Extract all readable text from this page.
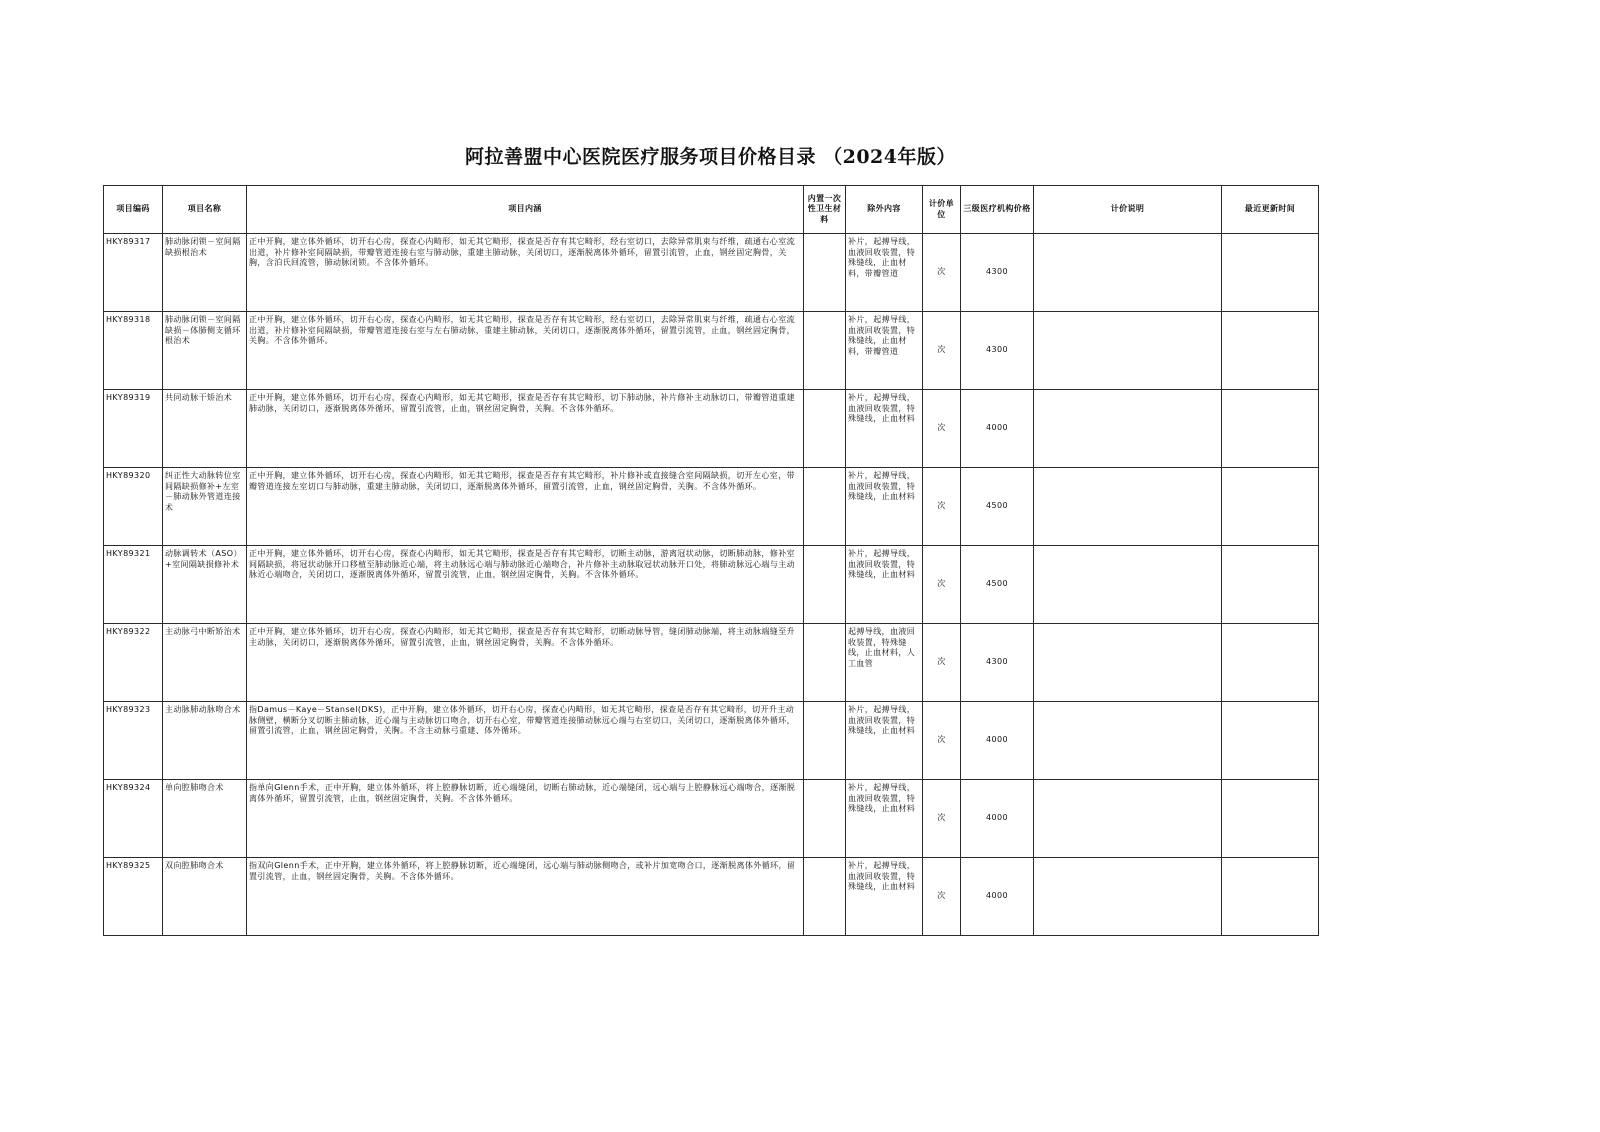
阿拉善盟中心医院医疗服务项目价格目录 （2024年版）
项目编码	项目名称	项目内涵	内置一次性卫生材料	除外内容	计价单位	三级医疗机构价格	计价说明	最近更新时间
HKY89317	肺动脉闭锁－室间隔缺损根治术	正中开胸，建立体外循环，切开右心房，探查心内畸形，如无其它畸形，探查是否存有其它畸形，经右室切口，去除异常肌束与纤维，疏通右心室流出道，补片修补室间隔缺损，带瓣管道连接右室与肺动脉，重建主肺动脉，关闭切口，逐渐脱离体外循环，留置引流管，止血，钢丝固定胸骨，关胸，含泊氏回流管，肺动脉闭锁。不含体外循环。		补片，起搏导线，血液回收装置，特殊缝线，止血材料，带瓣管道	次	4300		
HKY89318	肺动脉闭锁－室间隔缺损－体肺侧支循环根治术	正中开胸，建立体外循环，切开右心房，探查心内畸形，如无其它畸形，探查是否存有其它畸形，经右室切口，去除异常肌束与纤维，疏通右心室流出道，补片修补室间隔缺损，带瓣管道连接右室与左右肺动脉，重建主肺动脉，关闭切口，逐渐脱离体外循环，留置引流管，止血，钢丝固定胸骨，关胸。不含体外循环。		补片，起搏导线，血液回收装置，特殊缝线，止血材料，带瓣管道	次	4300		
HKY89319	共同动脉干矫治术	正中开胸，建立体外循环，切开右心房，探查心内畸形，如无其它畸形，探查是否存有其它畸形，切下肺动脉，补片修补主动脉切口，带瓣管道重建肺动脉，关闭切口，逐渐脱离体外循环，留置引流管，止血，钢丝固定胸骨，关胸。不含体外循环。		补片，起搏导线，血液回收装置，特殊缝线，止血材料	次	4000		
HKY89320	纠正性大动脉转位室间隔缺损修补+左室－肺动脉外管道连接术	正中开胸，建立体外循环，切开右心房，探查心内畸形，如无其它畸形，探查是否存有其它畸形，补片修补或直接缝合室间隔缺损，切开左心室，带瓣管道连接左室切口与肺动脉，重建主肺动脉，关闭切口，逐渐脱离体外循环，留置引流管，止血，钢丝固定胸骨，关胸。不含体外循环。		补片，起搏导线，血液回收装置，特殊缝线，止血材料	次	4500		
HKY89321	动脉调转术（ASO）+室间隔缺损修补术	正中开胸，建立体外循环，切开右心房，探查心内畸形，如无其它畸形，探查是否存有其它畸形，切断主动脉，游离冠状动脉，切断肺动脉，修补室间隔缺损，将冠状动脉开口移植至肺动脉近心端，将主动脉远心端与肺动脉近心端吻合，补片修补主动脉取冠状动脉开口处，将肺动脉远心端与主动脉近心端吻合，关闭切口，逐渐脱离体外循环，留置引流管，止血，钢丝固定胸骨，关胸。不含体外循环。		补片，起搏导线，血液回收装置，特殊缝线，止血材料	次	4500		
HKY89322	主动脉弓中断矫治术	正中开胸，建立体外循环，切开右心房，探查心内畸形，如无其它畸形，探查是否存有其它畸形，切断动脉导管，缝闭肺动脉端，将主动脉端缝至升主动脉，关闭切口，逐渐脱离体外循环，留置引流管，止血，钢丝固定胸骨，关胸。不含体外循环。		起搏导线，血液回收装置，特殊缝线，止血材料，人工血管	次	4300		
HKY89323	主动脉肺动脉吻合术	指Damus－Kaye－Stansel(DKS)，正中开胸，建立体外循环，切开右心房，探查心内畸形，如无其它畸形，探查是否存有其它畸形，切开升主动脉侧壁，横断分叉切断主肺动脉，近心端与主动脉切口吻合，切开右心室，带瓣管道连接肺动脉远心端与右室切口，关闭切口，逐渐脱离体外循环，留置引流管，止血，钢丝固定胸骨，关胸。不含主动脉弓重建、体外循环。		补片，起搏导线，血液回收装置，特殊缝线，止血材料	次	4000		
HKY89324	单向腔肺吻合术	指单向Glenn手术，正中开胸，建立体外循环，将上腔静脉切断，近心端缝闭，切断右肺动脉，近心端缝闭，远心端与上腔静脉远心端吻合，逐渐脱离体外循环，留置引流管，止血，钢丝固定胸骨，关胸。不含体外循环。		补片，起搏导线，血液回收装置，特殊缝线，止血材料	次	4000		
HKY89325	双向腔肺吻合术	指双向Glenn手术，正中开胸，建立体外循环，将上腔静脉切断，近心端缝闭，远心端与肺动脉侧吻合，或补片加宽吻合口，逐渐脱离体外循环，留置引流管，止血，钢丝固定胸骨，关胸。不含体外循环。		补片，起搏导线，血液回收装置，特殊缝线，止血材料	次	4000		
